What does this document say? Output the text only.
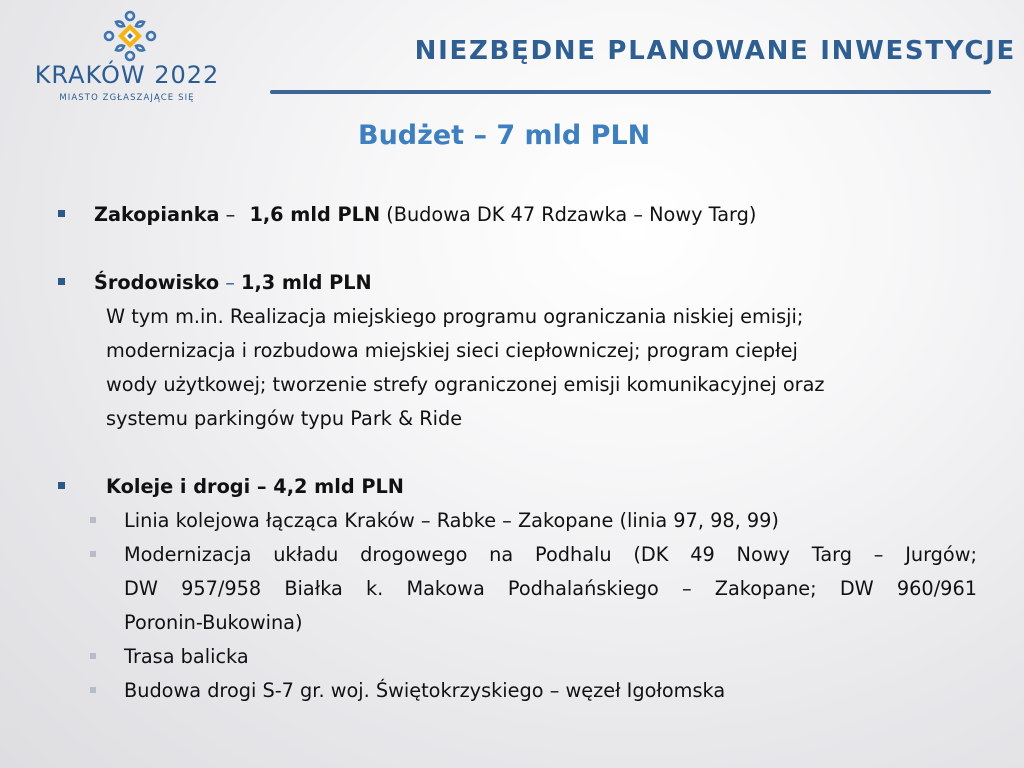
KRAKÓW 2022
MIASTO ZGŁASZAJĄCE SIĘ
NIEZBĘDNE PLANOWANE INWESTYCJE
Budżet – 7 mld PLN
Zakopianka – 1,6 mld PLN (Budowa DK 47 Rdzawka – Nowy Targ)
Środowisko – 1,3 mld PLN
W tym m.in. Realizacja miejskiego programu ograniczania niskiej emisji;
modernizacja i rozbudowa miejskiej sieci ciepłowniczej; program ciepłej
wody użytkowej; tworzenie strefy ograniczonej emisji komunikacyjnej oraz
systemu parkingów typu Park & Ride
Koleje i drogi – 4,2 mld PLN
Linia kolejowa łącząca Kraków – Rabke – Zakopane (linia 97, 98, 99)
Modernizacja układu drogowego na Podhalu (DK 49 Nowy Targ – Jurgów;
DW 957/958 Białka k. Makowa Podhalańskiego – Zakopane; DW 960/961
Poronin-Bukowina)
Trasa balicka
Budowa drogi S-7 gr. woj. Świętokrzyskiego – węzeł Igołomska
